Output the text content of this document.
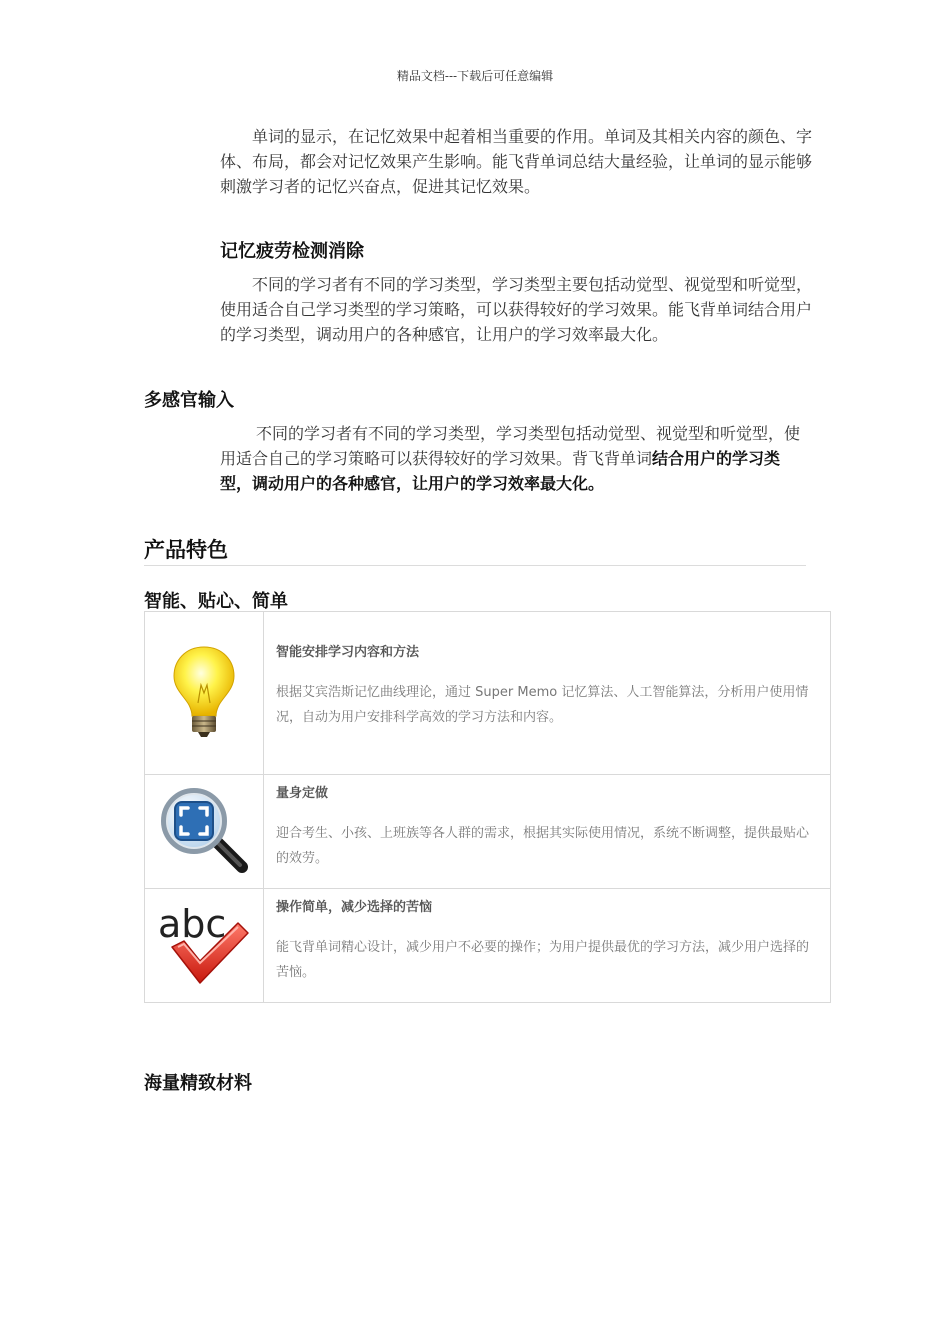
精品文档---下载后可任意编辑

单词的显示，在记忆效果中起着相当重要的作用。单词及其相关内容的颜色、字体、布局，都会对记忆效果产生影响。能飞背单词总结大量经验，让单词的显示能够刺激学习者的记忆兴奋点，促进其记忆效果。

记忆疲劳检测消除

不同的学习者有不同的学习类型，学习类型主要包括动觉型、视觉型和听觉型，使用适合自己学习类型的学习策略，可以获得较好的学习效果。能飞背单词结合用户的学习类型，调动用户的各种感官，让用户的学习效率最大化。

多感官输入

不同的学习者有不同的学习类型，学习类型包括动觉型、视觉型和听觉型，使用适合自己的学习策略可以获得较好的学习效果。背飞背单词结合用户的学习类型，调动用户的各种感官，让用户的学习效率最大化。

产品特色
智能、贴心、简单

智能安排学习内容和方法

根据艾宾浩斯记忆曲线理论，通过 Super Memo 记忆算法、人工智能算法，分析用户使用情况，自动为用户安排科学高效的学习方法和内容。

量身定做

迎合考生、小孩、上班族等各人群的需求，根据其实际使用情况，系统不断调整，提供最贴心的效劳。

abc	操作简单，减少选择的苦恼

能飞背单词精心设计，减少用户不必要的操作；为用户提供最优的学习方法，减少用户选择的苦恼。

海量精致材料
